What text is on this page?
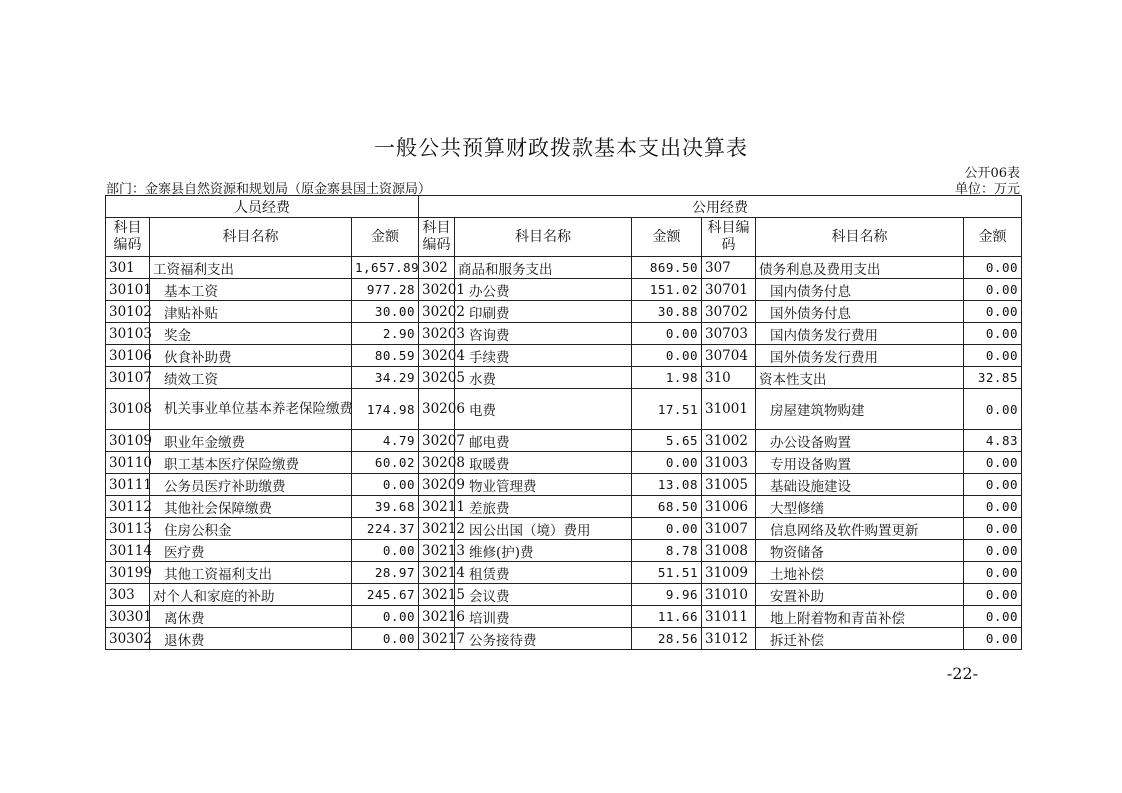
一般公共预算财政拨款基本支出决算表
公开06表
部门：金寨县自然资源和规划局（原金寨县国土资源局）	单位：万元
人员经费			公用经费					
科目编码	科目名称	金额	科目编码	科目名称	金额	科目编码	科目名称	金额
301	工资福利支出	1,657.89	302	商品和服务支出	869.50	307	债务利息及费用支出	0.00
30101	基本工资	977.28	30201	办公费	151.02	30701	国内债务付息	0.00
30102	津贴补贴	30.00	30202	印刷费	30.88	30702	国外债务付息	0.00
30103	奖金	2.90	30203	咨询费	0.00	30703	国内债务发行费用	0.00
30106	伙食补助费	80.59	30204	手续费	0.00	30704	国外债务发行费用	0.00
30107	绩效工资	34.29	30205	水费	1.98	310	资本性支出	32.85
30108	机关事业单位基本养老保险缴费	174.98	30206	电费	17.51	31001	房屋建筑物购建	0.00
30109	职业年金缴费	4.79	30207	邮电费	5.65	31002	办公设备购置	4.83
30110	职工基本医疗保险缴费	60.02	30208	取暖费	0.00	31003	专用设备购置	0.00
30111	公务员医疗补助缴费	0.00	30209	物业管理费	13.08	31005	基础设施建设	0.00
30112	其他社会保障缴费	39.68	30211	差旅费	68.50	31006	大型修缮	0.00
30113	住房公积金	224.37	30212	因公出国（境）费用	0.00	31007	信息网络及软件购置更新	0.00
30114	医疗费	0.00	30213	维修(护)费	8.78	31008	物资储备	0.00
30199	其他工资福利支出	28.97	30214	租赁费	51.51	31009	土地补偿	0.00
303	对个人和家庭的补助	245.67	30215	会议费	9.96	31010	安置补助	0.00
30301	离休费	0.00	30216	培训费	11.66	31011	地上附着物和青苗补偿	0.00
30302	退休费	0.00	30217	公务接待费	28.56	31012	拆迁补偿	0.00
-22-
